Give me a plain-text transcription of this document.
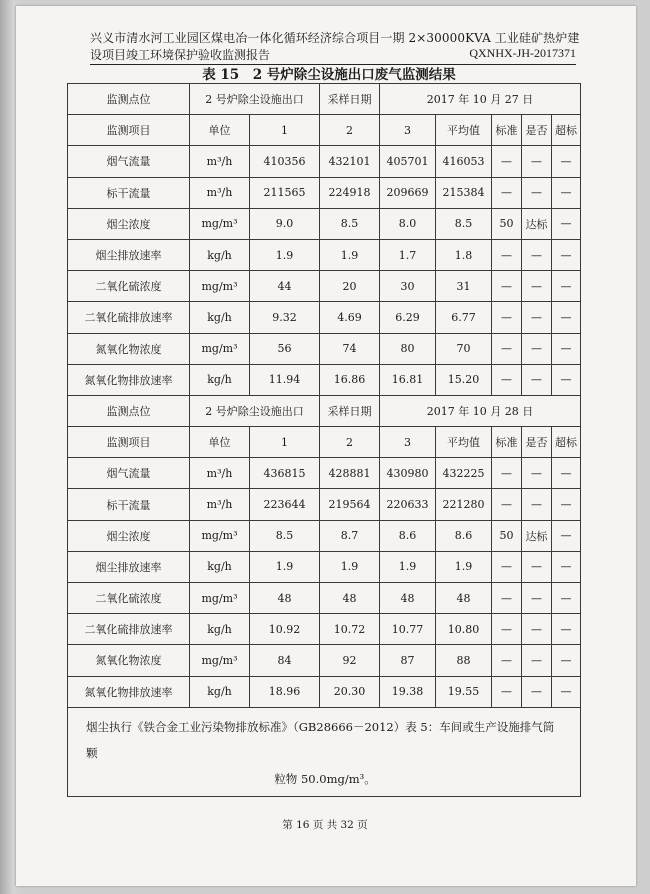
兴义市清水河工业园区煤电冶一体化循环经济综合项目一期 2×30000KVA 工业硅矿热炉建
设项目竣工环境保护验收监测报告	QXNHX-JH-2017371
表 15　2 号炉除尘设施出口废气监测结果
监测点位	2 号炉除尘设施出口		采样日期	2017 年 10 月 27 日				
监测项目	单位	1	2	3	平均值	标准	是否	超标
烟气流量	m³/h	410356	432101	405701	416053	—	—	—
标干流量	m³/h	211565	224918	209669	215384	—	—	—
烟尘浓度	mg/m³	9.0	8.5	8.0	8.5	50	达标	—
烟尘排放速率	kg/h	1.9	1.9	1.7	1.8	—	—	—
二氧化硫浓度	mg/m³	44	20	30	31	—	—	—
二氧化硫排放速率	kg/h	9.32	4.69	6.29	6.77	—	—	—
氮氧化物浓度	mg/m³	56	74	80	70	—	—	—
氮氧化物排放速率	kg/h	11.94	16.86	16.81	15.20	—	—	—
监测点位	2 号炉除尘设施出口		采样日期	2017 年 10 月 28 日				
监测项目	单位	1	2	3	平均值	标准	是否	超标
烟气流量	m³/h	436815	428881	430980	432225	—	—	—
标干流量	m³/h	223644	219564	220633	221280	—	—	—
烟尘浓度	mg/m³	8.5	8.7	8.6	8.6	50	达标	—
烟尘排放速率	kg/h	1.9	1.9	1.9	1.9	—	—	—
二氧化硫浓度	mg/m³	48	48	48	48	—	—	—
二氧化硫排放速率	kg/h	10.92	10.72	10.77	10.80	—	—	—
氮氧化物浓度	mg/m³	84	92	87	88	—	—	—
氮氧化物排放速率	kg/h	18.96	20.30	19.38	19.55	—	—	—
烟尘执行《铁合金工业污染物排放标准》（GB28666－2012）表 5：车间或生产设施排气筒颗
粒物 50.0mg/m³。								
第 16 页 共 32 页
